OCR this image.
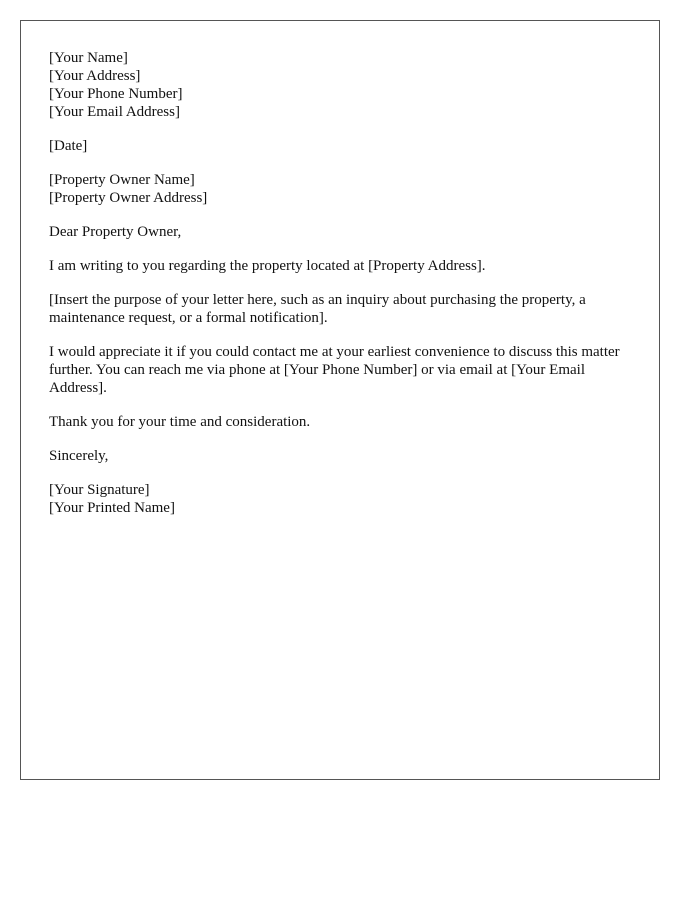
[Your Name]
[Your Address]
[Your Phone Number]
[Your Email Address]
[Date]
[Property Owner Name]
[Property Owner Address]

Dear Property Owner,

I am writing to you regarding the property located at [Property Address].

[Insert the purpose of your letter here, such as an inquiry about purchasing the property, a maintenance request, or a formal notification].

I would appreciate it if you could contact me at your earliest convenience to discuss this matter further. You can reach me via phone at [Your Phone Number] or via email at [Your Email Address].

Thank you for your time and consideration.

Sincerely,

[Your Signature]
[Your Printed Name]
